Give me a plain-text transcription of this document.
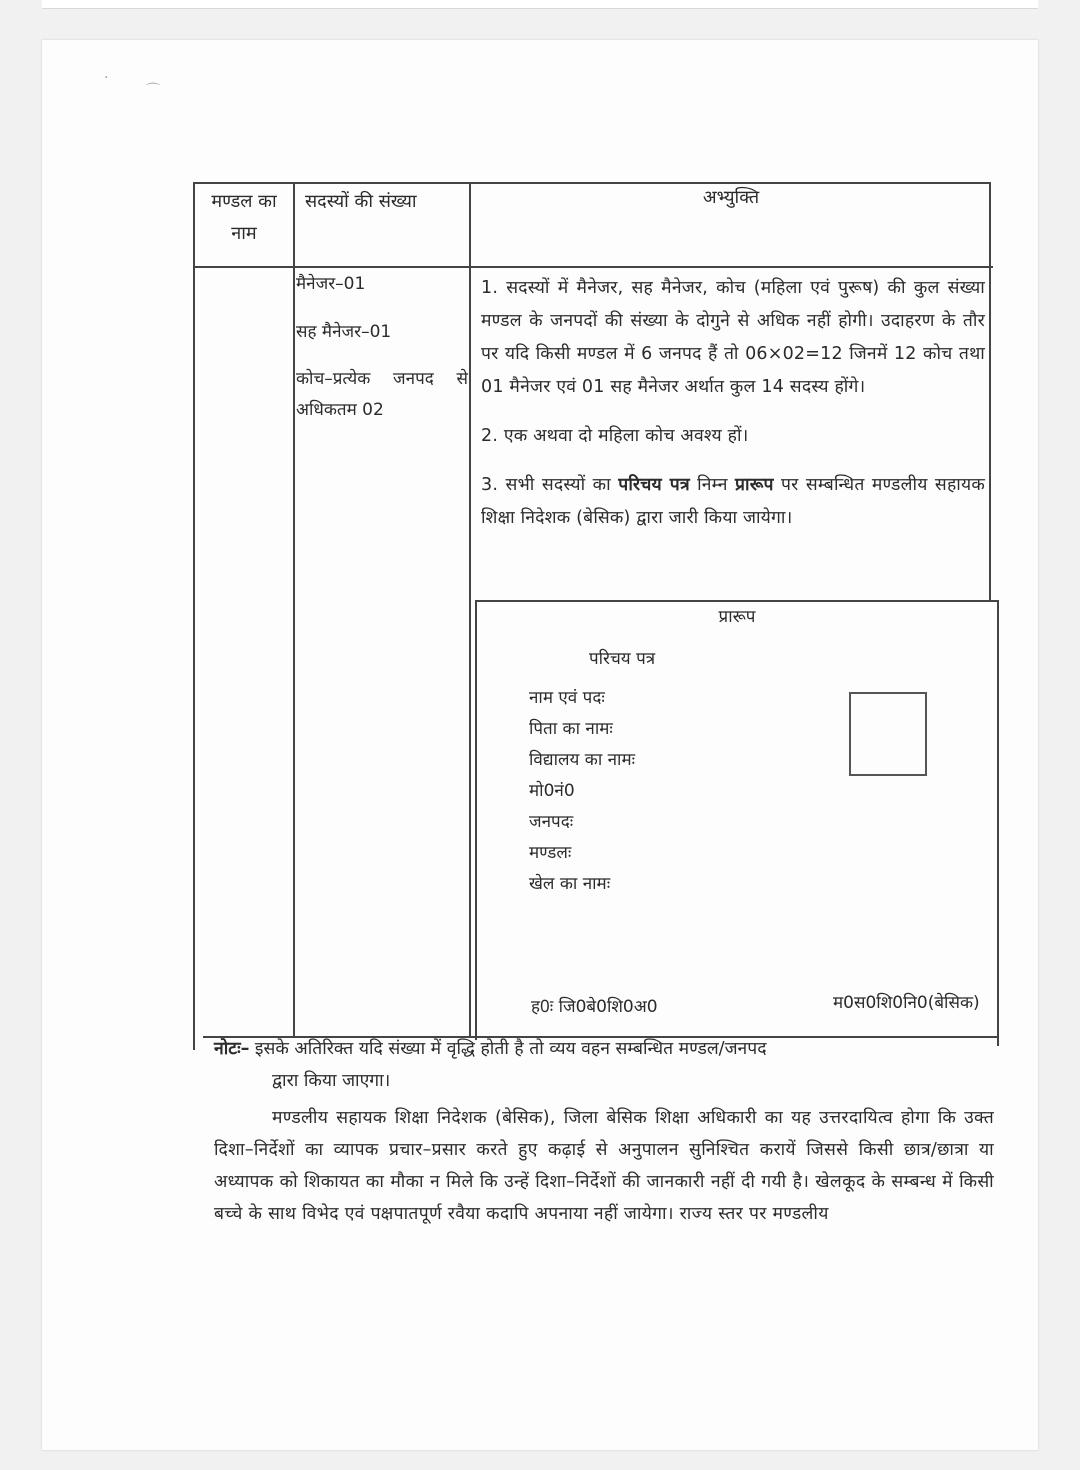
·
⌒
मण्डल का नाम
सदस्यों की संख्या	अभ्युक्ति

मैनेजर–01

सह मैनेजर–01

कोच–प्रत्येक जनपद से अधिकतम 02

1. सदस्यों में मैनेजर, सह मैनेजर, कोच (महिला एवं पुरूष) की कुल संख्या मण्डल के जनपदों की संख्या के दोगुने से अधिक नहीं होगी। उदाहरण के तौर पर यदि किसी मण्डल में 6 जनपद हैं तो 06×02=12 जिनमें 12 कोच तथा 01 मैनेजर एवं 01 सह मैनेजर अर्थात कुल 14 सदस्य होंगे।

2. एक अथवा दो महिला कोच अवश्य हों।

3. सभी सदस्यों का परिचय पत्र निम्न प्रारूप पर सम्बन्धित मण्डलीय सहायक शिक्षा निदेशक (बेसिक) द्वारा जारी किया जायेगा।

प्रारूप
परिचय पत्र
नाम एवं पदः
पिता का नामः
विद्यालय का नामः
मो0नं0
जनपदः
मण्डलः
खेल का नामः
ह0ः जि0बे0शि0अ0	म0स0शि0नि0(बेसिक)
नोटः– इसके अतिरिक्त यदि संख्या में वृद्धि होती है तो व्यय वहन सम्बन्धित मण्डल/जनपद
द्वारा किया जाएगा।
मण्डलीय सहायक शिक्षा निदेशक (बेसिक), जिला बेसिक शिक्षा अधिकारी का यह उत्तरदायित्व होगा कि उक्त दिशा–निर्देशों का व्यापक प्रचार–प्रसार करते हुए कढ़ाई से अनुपालन सुनिश्चित करायें जिससे किसी छात्र/छात्रा या अध्यापक को शिकायत का मौका न मिले कि उन्हें दिशा–निर्देशों की जानकारी नहीं दी गयी है। खेलकूद के सम्बन्ध में किसी बच्चे के साथ विभेद एवं पक्षपातपूर्ण रवैया कदापि अपनाया नहीं जायेगा। राज्य स्तर पर मण्डलीय
